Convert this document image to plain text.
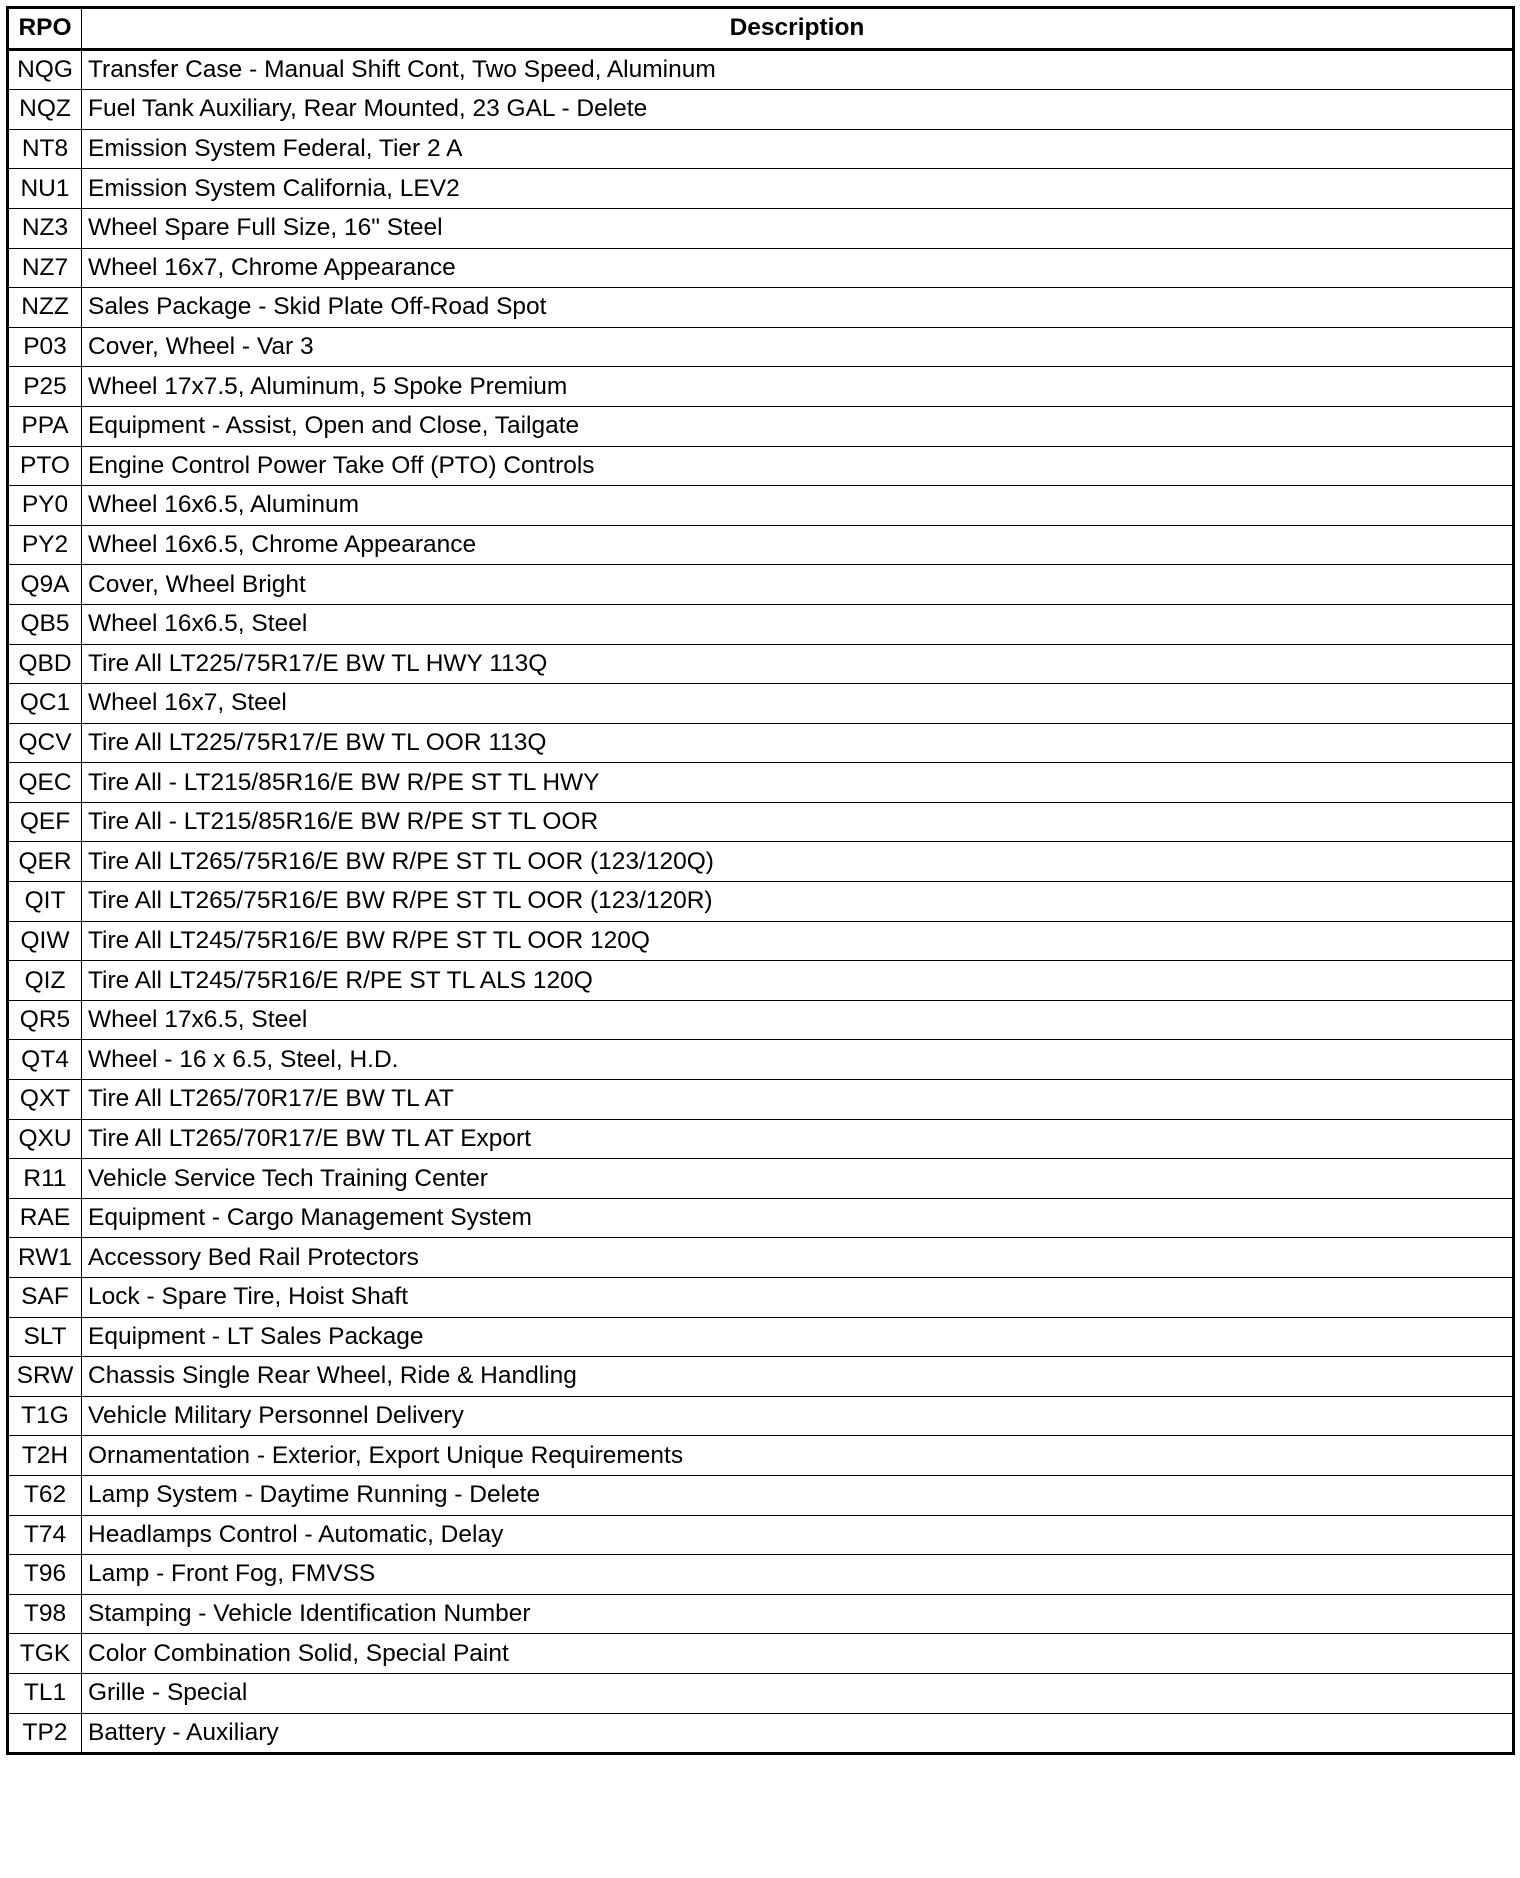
RPO	Description
NQG	Transfer Case - Manual Shift Cont, Two Speed, Aluminum
NQZ	Fuel Tank Auxiliary, Rear Mounted, 23 GAL - Delete
NT8	Emission System Federal, Tier 2 A
NU1	Emission System California, LEV2
NZ3	Wheel Spare Full Size, 16" Steel
NZ7	Wheel 16x7, Chrome Appearance
NZZ	Sales Package - Skid Plate Off-Road Spot
P03	Cover, Wheel - Var 3
P25	Wheel 17x7.5, Aluminum, 5 Spoke Premium
PPA	Equipment - Assist, Open and Close, Tailgate
PTO	Engine Control Power Take Off (PTO) Controls
PY0	Wheel 16x6.5, Aluminum
PY2	Wheel 16x6.5, Chrome Appearance
Q9A	Cover, Wheel Bright
QB5	Wheel 16x6.5, Steel
QBD	Tire All LT225/75R17/E BW TL HWY 113Q
QC1	Wheel 16x7, Steel
QCV	Tire All LT225/75R17/E BW TL OOR 113Q
QEC	Tire All - LT215/85R16/E BW R/PE ST TL HWY
QEF	Tire All - LT215/85R16/E BW R/PE ST TL OOR
QER	Tire All LT265/75R16/E BW R/PE ST TL OOR (123/120Q)
QIT	Tire All LT265/75R16/E BW R/PE ST TL OOR (123/120R)
QIW	Tire All LT245/75R16/E BW R/PE ST TL OOR 120Q
QIZ	Tire All LT245/75R16/E R/PE ST TL ALS 120Q
QR5	Wheel 17x6.5, Steel
QT4	Wheel - 16 x 6.5, Steel, H.D.
QXT	Tire All LT265/70R17/E BW TL AT
QXU	Tire All LT265/70R17/E BW TL AT Export
R11	Vehicle Service Tech Training Center
RAE	Equipment - Cargo Management System
RW1	Accessory Bed Rail Protectors
SAF	Lock - Spare Tire, Hoist Shaft
SLT	Equipment - LT Sales Package
SRW	Chassis Single Rear Wheel, Ride & Handling
T1G	Vehicle Military Personnel Delivery
T2H	Ornamentation - Exterior, Export Unique Requirements
T62	Lamp System - Daytime Running - Delete
T74	Headlamps Control - Automatic, Delay
T96	Lamp - Front Fog, FMVSS
T98	Stamping - Vehicle Identification Number
TGK	Color Combination Solid, Special Paint
TL1	Grille - Special
TP2	Battery - Auxiliary
